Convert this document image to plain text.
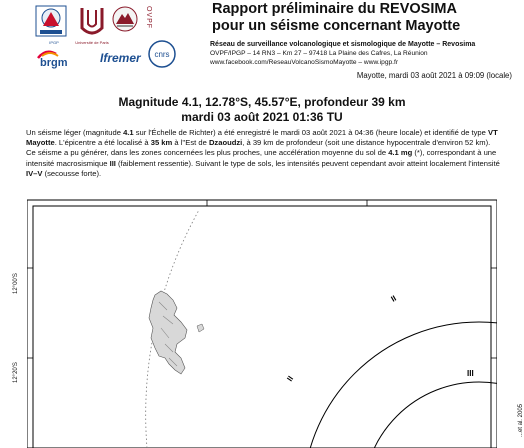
IPGP	Université de Paris
OVPF
brgm	Ifremer cnrs
Rapport préliminaire du REVOSIMA
pour un séisme concernant Mayotte
Réseau de surveillance volcanologique et sismologique de Mayotte – Revosima
OVPF/IPGP – 14 RN3 – Km 27 – 97418 La Plaine des Cafres, La Réunion
www.facebook.com/ReseauVolcanoSismoMayotte – www.ipgp.fr
Mayotte, mardi 03 août 2021 à 09:09 (locale)
Magnitude 4.1, 12.78°S, 45.57°E, profondeur 39 km
mardi 03 août 2021 01:36 TU
Un séisme léger (magnitude 4.1 sur l'Échelle de Richter) a été enregistré le mardi 03 août 2021 à 04:36 (heure locale) et identifié de type VT Mayotte. L'épicentre a été localisé à 35 km à l''Est de Dzaoudzi, à 39 km de profondeur (soit une distance hypocentrale d'environ 52 km). Ce séisme a pu générer, dans les zones concernées les plus proches, une accélération moyenne du sol de 4.1 mg (*), correspondant à une intensité macrosismique III (faiblement ressentie). Suivant le type de sols, les intensités peuvent cependant avoir atteint localement l'intensité IV–V (secousse forte).
II
III
II
12°00'S
12°20'S
...et al. 2005
